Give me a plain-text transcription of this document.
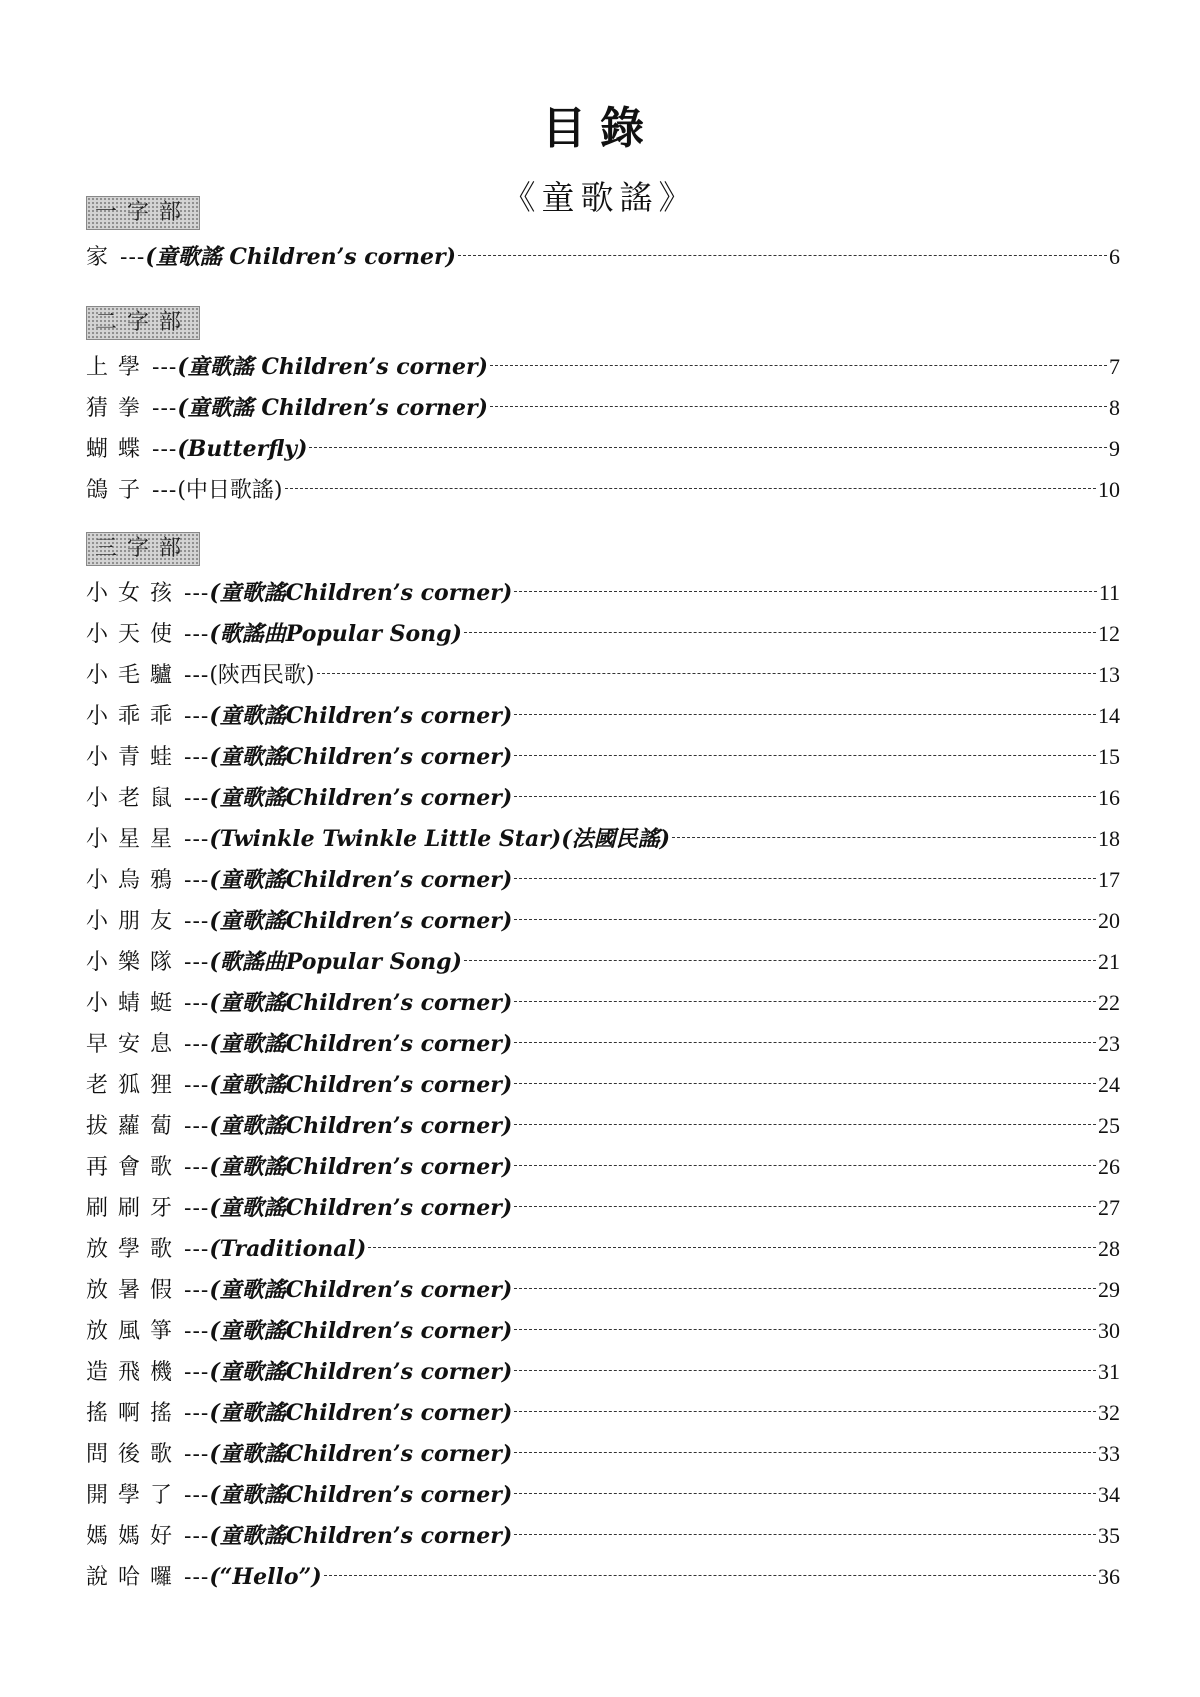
目錄
《童歌謠》
一字部
家 --- (童歌謠 Children’s corner)	6
二字部
上學 --- (童歌謠 Children’s corner)	7
猜拳 --- (童歌謠 Children’s corner)	8
蝴蝶 --- (Butterfly)	9
鴿子 --- (中日歌謠)	10
三字部
小女孩 --- (童歌謠Children’s corner)	11
小天使 --- (歌謠曲Popular Song)	12
小毛驢 --- (陝西民歌)	13
小乖乖 --- (童歌謠Children’s corner)	14
小青蛙 --- (童歌謠Children’s corner)	15
小老鼠 --- (童歌謠Children’s corner)	16
小星星 --- (Twinkle Twinkle Little Star)(法國民謠)	18
小烏鴉 --- (童歌謠Children’s corner)	17
小朋友 --- (童歌謠Children’s corner)	20
小樂隊 --- (歌謠曲Popular Song)	21
小蜻蜓 --- (童歌謠Children’s corner)	22
早安息 --- (童歌謠Children’s corner)	23
老狐狸 --- (童歌謠Children’s corner)	24
拔蘿蔔 --- (童歌謠Children’s corner)	25
再會歌 --- (童歌謠Children’s corner)	26
刷刷牙 --- (童歌謠Children’s corner)	27
放學歌 --- (Traditional)	28
放暑假 --- (童歌謠Children’s corner)	29
放風箏 --- (童歌謠Children’s corner)	30
造飛機 --- (童歌謠Children’s corner)	31
搖啊搖 --- (童歌謠Children’s corner)	32
問後歌 --- (童歌謠Children’s corner)	33
開學了 --- (童歌謠Children’s corner)	34
媽媽好 --- (童歌謠Children’s corner)	35
說哈囉 --- (“Hello”)	36
